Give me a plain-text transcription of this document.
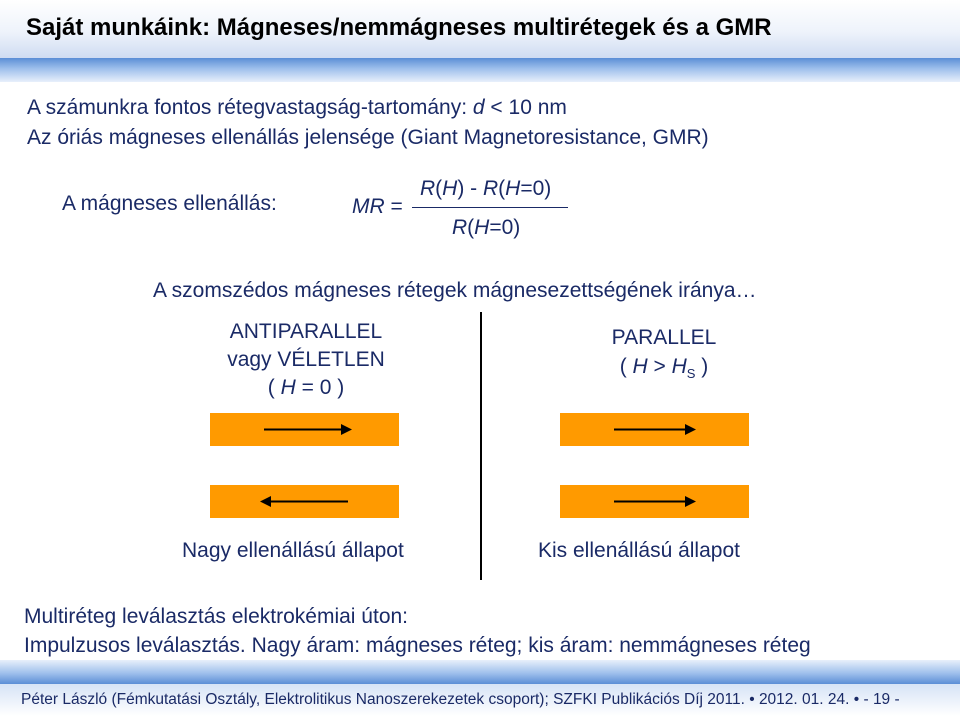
Saját munkáink: Mágneses/nemmágneses multirétegek és a GMR
A számunkra fontos rétegvastagság-tartomány: d < 10 nm
Az óriás mágneses ellenállás jelensége (Giant Magnetoresistance, GMR)
A mágneses ellenállás:	MR =
R(H) - R(H=0)
R(H=0)
A szomszédos mágneses rétegek mágnesezettségének iránya…
ANTIPARALLEL
vagy VÉLETLEN
( H = 0 )
PARALLEL
( $H > H_S$ )
Nagy ellenállású állapot	Kis ellenállású állapot
Multiréteg leválasztás elektrokémiai úton:
Impulzusos leválasztás. Nagy áram: mágneses réteg; kis áram: nemmágneses réteg
Péter László (Fémkutatási Osztály, Elektrolitikus Nanoszerekezetek csoport); SZFKI Publikációs Díj 2011. • 2012. 01. 24. • - 19 -
